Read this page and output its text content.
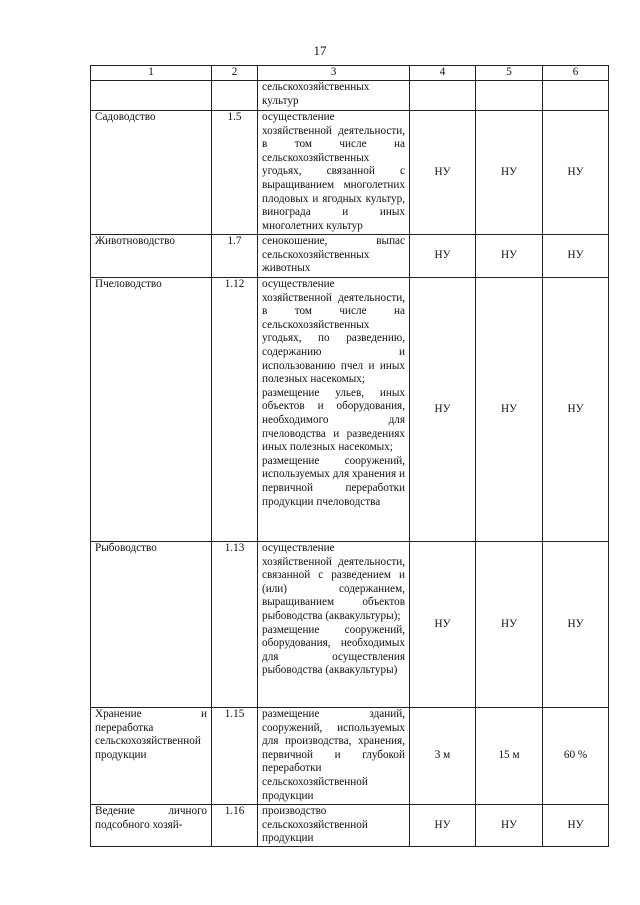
17
1	2	3	4	5	6
		сельскохозяйственных
культур			
Садоводство	1.5	осуществление хозяйственной деятельности, в том числе на сельскохозяйственных угодьях, связанной с выращиванием многолетних плодовых и ягодных культур, винограда и иных многолетних культур	НУ	НУ	НУ
Животноводство	1.7	сенокошение, выпас сельскохозяйственных животных	НУ	НУ	НУ
Пчеловодство	1.12	осуществление хозяйственной деятельности, в том числе на сельскохозяйственных угодьях, по разведению, содержанию и использованию пчел и иных полезных насекомых;
размещение ульев, иных объектов и оборудования, необходимого для пчеловодства и разведениях иных полезных насекомых;
размещение сооружений, используемых для хранения и первичной переработки продукции пчеловодства	НУ	НУ	НУ
Рыбоводство	1.13	осуществление хозяйственной деятельности, связанной с разведением и (или) содержанием, выращиванием объектов рыбоводства (аквакультуры);
размещение сооружений, оборудования, необходимых для осуществления рыбоводства (аквакультуры)	НУ	НУ	НУ
Хранение и переработка сельскохозяйственной продукции	1.15	размещение зданий, сооружений, используемых для производства, хранения, первичной и глубокой переработки сельскохозяйственной продукции	3 м	15 м	60 %
Ведение личного подсобного хозяй-	1.16	производство сельскохозяйственной продукции	НУ	НУ	НУ
